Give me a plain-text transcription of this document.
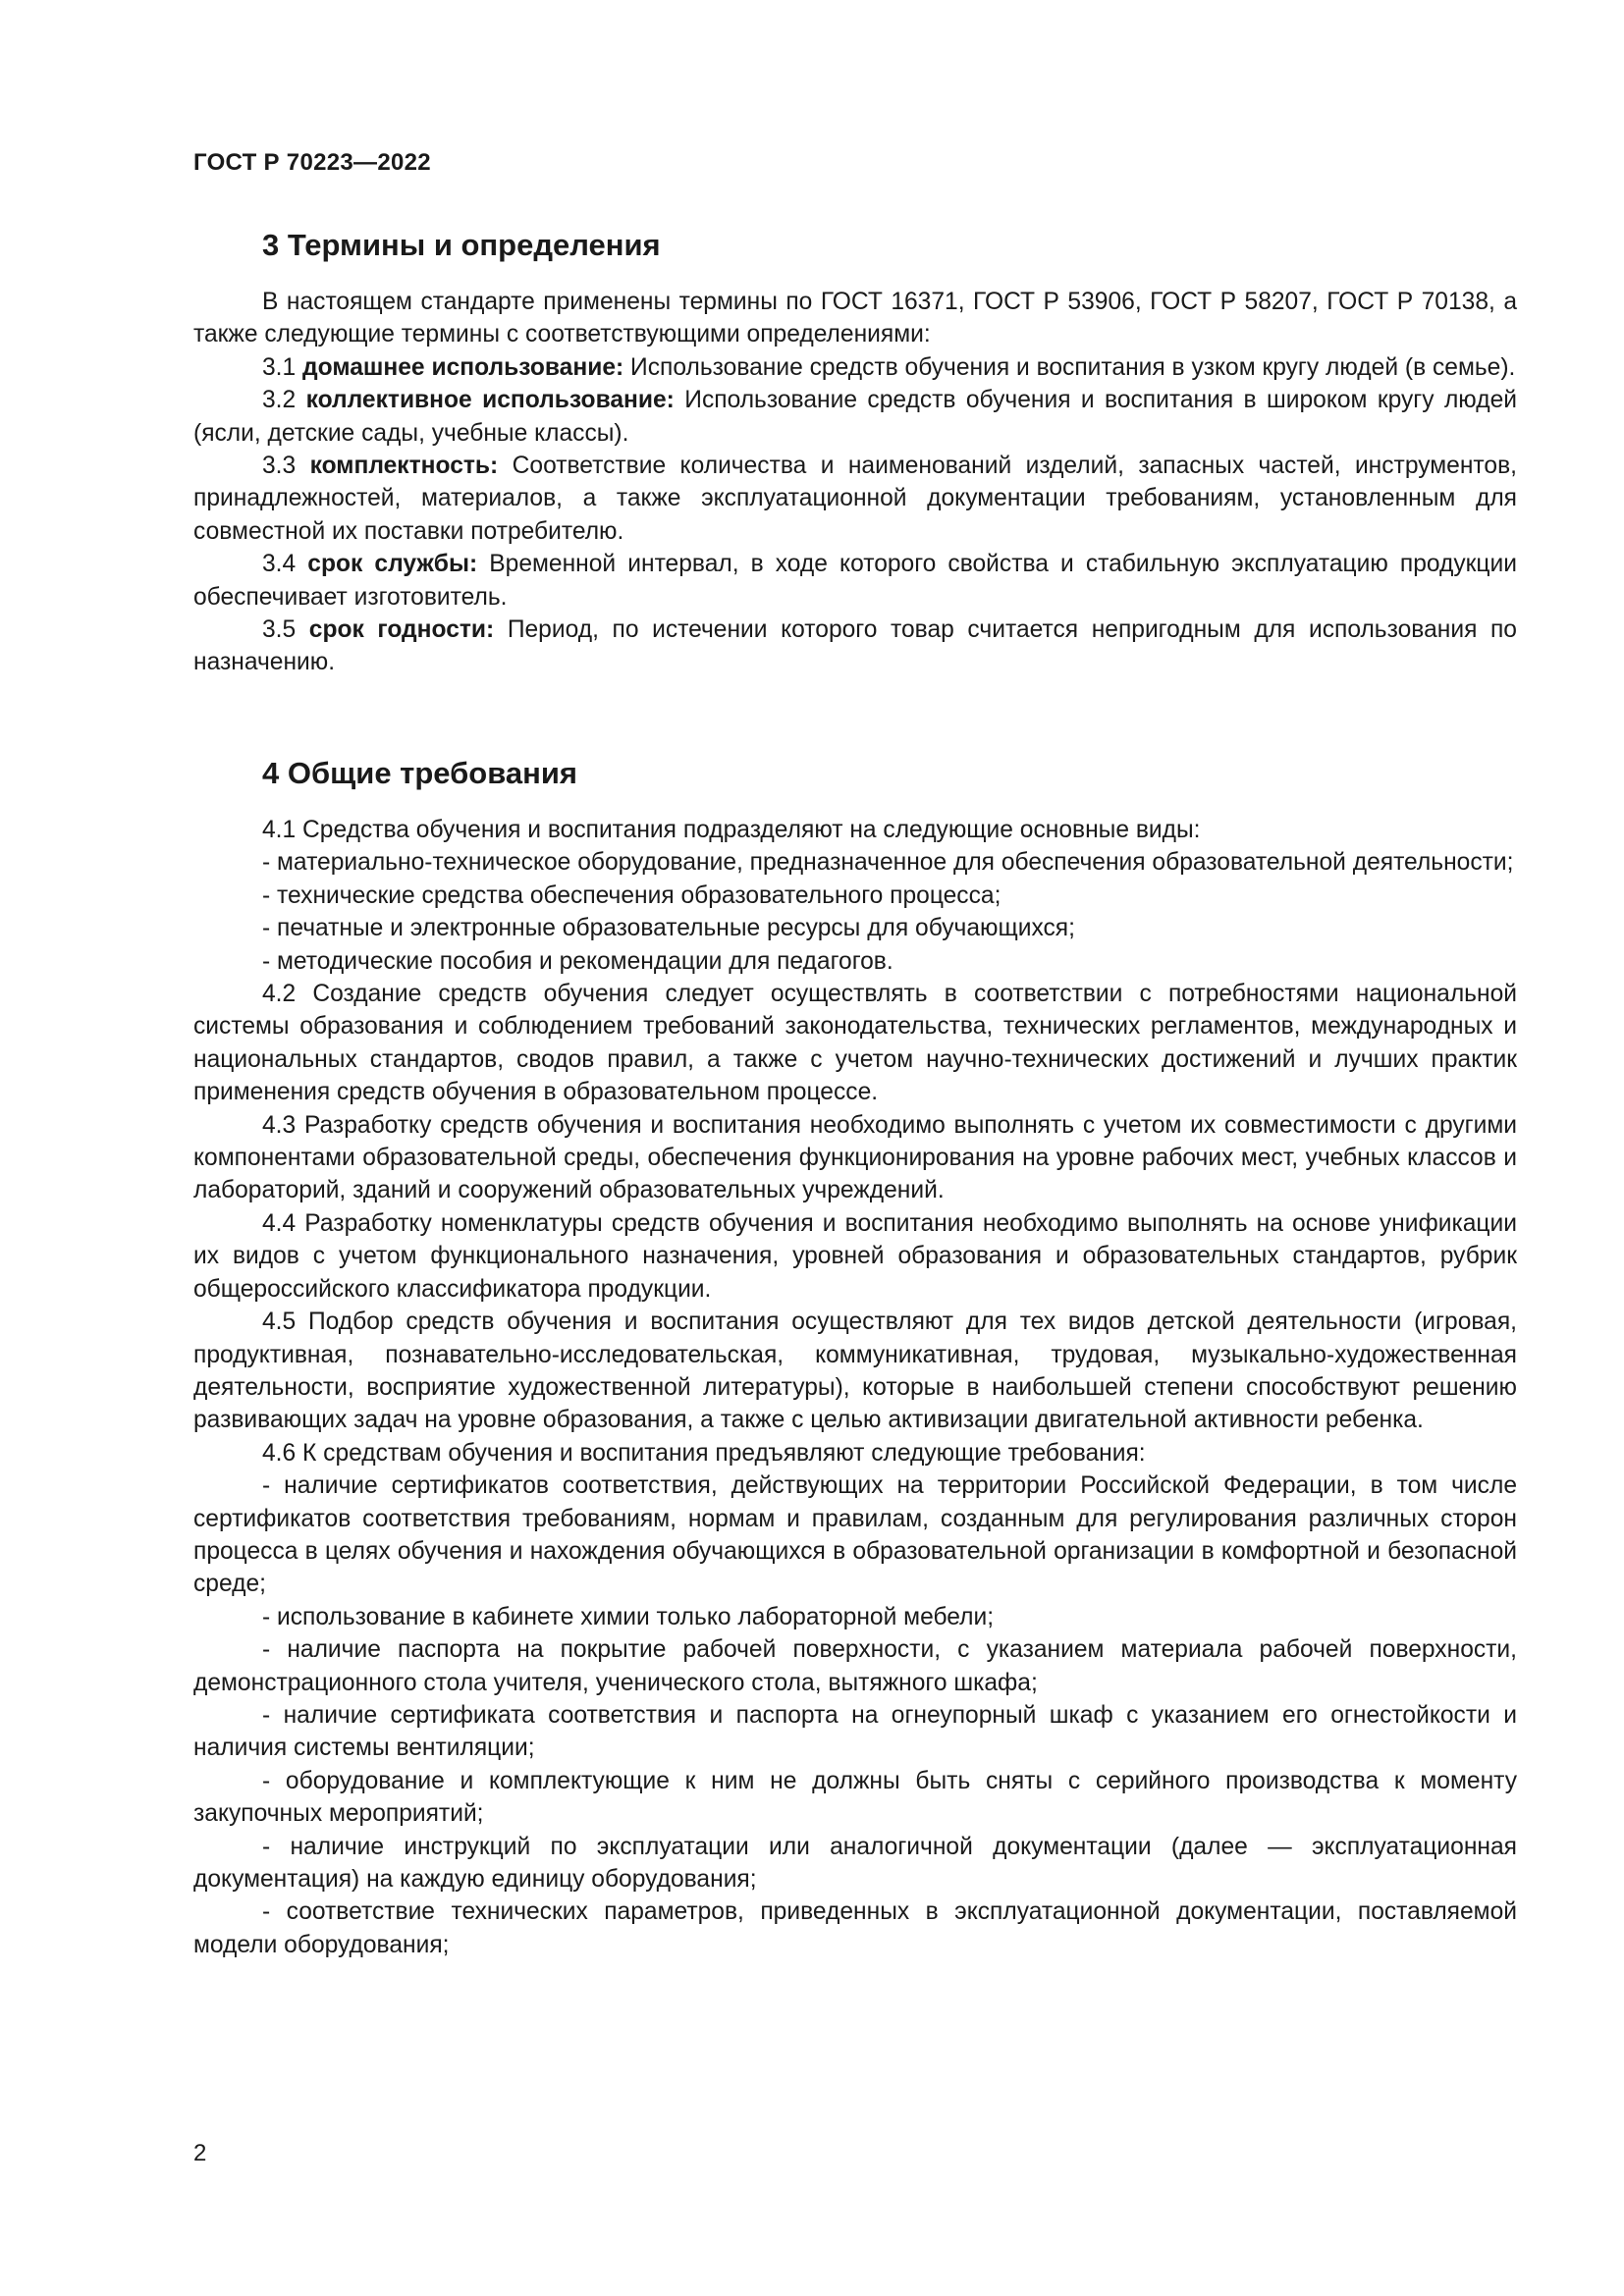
ГОСТ Р 70223—2022
3 Термины и определения

В настоящем стандарте применены термины по ГОСТ 16371, ГОСТ Р 53906, ГОСТ Р 58207, ГОСТ Р 70138, а также следующие термины с соответствующими определениями:

3.1 домашнее использование: Использование средств обучения и воспитания в узком кругу людей (в семье).

3.2 коллективное использование: Использование средств обучения и воспитания в широком кругу людей (ясли, детские сады, учебные классы).

3.3 комплектность: Соответствие количества и наименований изделий, запасных частей, инструментов, принадлежностей, материалов, а также эксплуатационной документации требованиям, установленным для совместной их поставки потребителю.

3.4 срок службы: Временной интервал, в ходе которого свойства и стабильную эксплуатацию продукции обеспечивает изготовитель.

3.5 срок годности: Период, по истечении которого товар считается непригодным для использования по назначению.

4 Общие требования

4.1 Средства обучения и воспитания подразделяют на следующие основные виды:

- материально-техническое оборудование, предназначенное для обеспечения образовательной деятельности;

- технические средства обеспечения образовательного процесса;

- печатные и электронные образовательные ресурсы для обучающихся;

- методические пособия и рекомендации для педагогов.

4.2 Создание средств обучения следует осуществлять в соответствии с потребностями национальной системы образования и соблюдением требований законодательства, технических регламентов, международных и национальных стандартов, сводов правил, а также с учетом научно-технических достижений и лучших практик применения средств обучения в образовательном процессе.

4.3 Разработку средств обучения и воспитания необходимо выполнять с учетом их совместимости с другими компонентами образовательной среды, обеспечения функционирования на уровне рабочих мест, учебных классов и лабораторий, зданий и сооружений образовательных учреждений.

4.4 Разработку номенклатуры средств обучения и воспитания необходимо выполнять на основе унификации их видов с учетом функционального назначения, уровней образования и образовательных стандартов, рубрик общероссийского классификатора продукции.

4.5 Подбор средств обучения и воспитания осуществляют для тех видов детской деятельности (игровая, продуктивная, познавательно-исследовательская, коммуникативная, трудовая, музыкально-художественная деятельности, восприятие художественной литературы), которые в наибольшей степени способствуют решению развивающих задач на уровне образования, а также с целью активизации двигательной активности ребенка.

4.6 К средствам обучения и воспитания предъявляют следующие требования:

- наличие сертификатов соответствия, действующих на территории Российской Федерации, в том числе сертификатов соответствия требованиям, нормам и правилам, созданным для регулирования различных сторон процесса в целях обучения и нахождения обучающихся в образовательной организации в комфортной и безопасной среде;

- использование в кабинете химии только лабораторной мебели;

- наличие паспорта на покрытие рабочей поверхности, с указанием материала рабочей поверхности, демонстрационного стола учителя, ученического стола, вытяжного шкафа;

- наличие сертификата соответствия и паспорта на огнеупорный шкаф с указанием его огнестойкости и наличия системы вентиляции;

- оборудование и комплектующие к ним не должны быть сняты с серийного производства к моменту закупочных мероприятий;

- наличие инструкций по эксплуатации или аналогичной документации (далее — эксплуатационная документация) на каждую единицу оборудования;

- соответствие технических параметров, приведенных в эксплуатационной документации, поставляемой модели оборудования;

2
